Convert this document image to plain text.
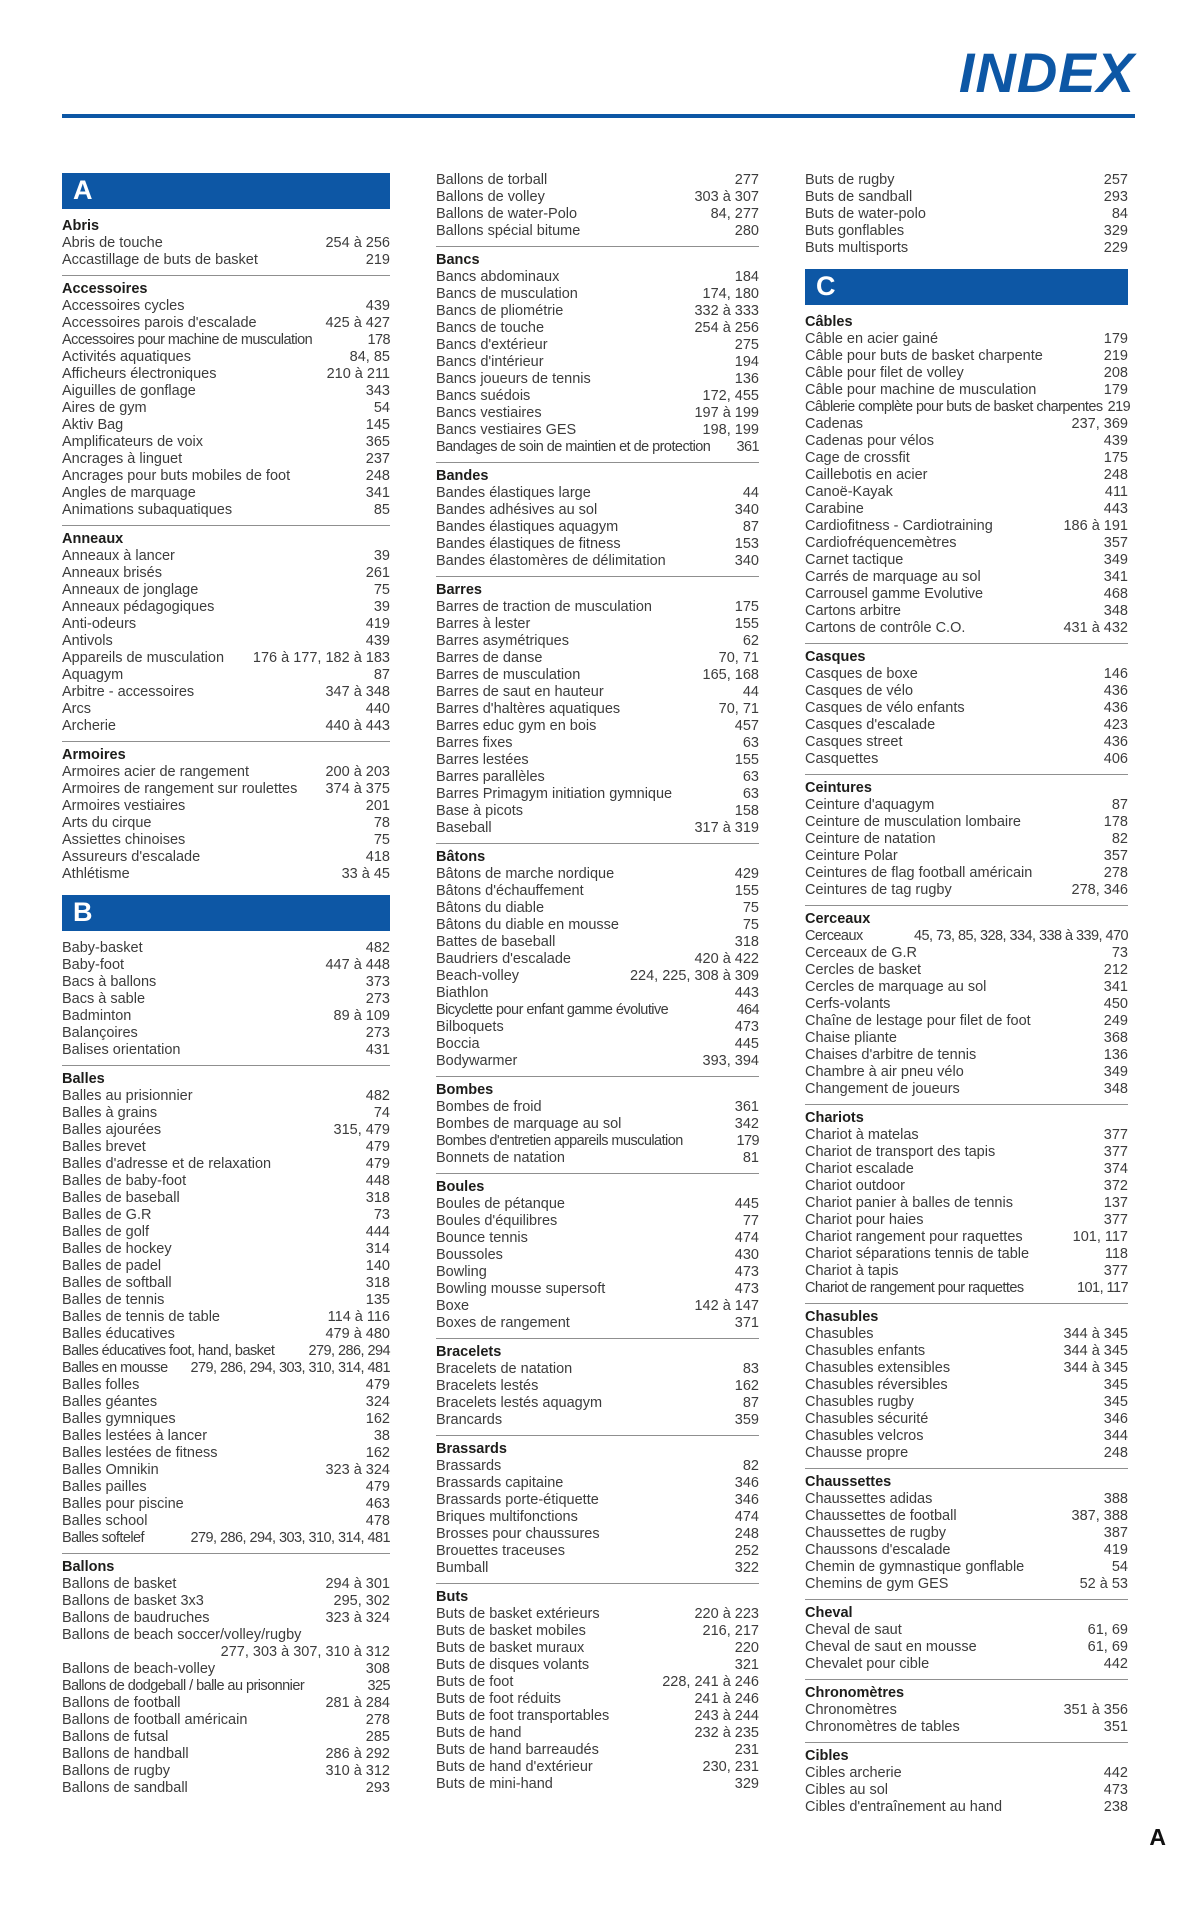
INDEX
A
Abris
Abris de touche	254 à 256
Accastillage de buts de basket	219
Accessoires
Accessoires cycles	439
Accessoires parois d'escalade	425 à 427
Accessoires pour machine de musculation	178
Activités aquatiques	84, 85
Afficheurs électroniques	210 à 211
Aiguilles de gonflage	343
Aires de gym	54
Aktiv Bag	145
Amplificateurs de voix	365
Ancrages à linguet	237
Ancrages pour buts mobiles de foot	248
Angles de marquage	341
Animations subaquatiques	85
Anneaux
Anneaux à lancer	39
Anneaux brisés	261
Anneaux de jonglage	75
Anneaux pédagogiques	39
Anti-odeurs	419
Antivols	439
Appareils de musculation 176 à 177, 182 à 183
Aquagym	87
Arbitre - accessoires	347 à 348
Arcs	440
Archerie	440 à 443
Armoires
Armoires acier de rangement	200 à 203
Armoires de rangement sur roulettes 374 à 375
Armoires vestiaires	201
Arts du cirque	78
Assiettes chinoises	75
Assureurs d'escalade	418
Athlétisme	33 à 45
B
Baby-basket	482
Baby-foot	447 à 448
Bacs à ballons	373
Bacs à sable	273
Badminton	89 à 109
Balançoires	273
Balises orientation	431
Balles
Balles au prisionnier	482
Balles à grains	74
Balles ajourées	315, 479
Balles brevet	479
Balles d'adresse et de relaxation	479
Balles de baby-foot	448
Balles de baseball	318
Balles de G.R	73
Balles de golf	444
Balles de hockey	314
Balles de padel	140
Balles de softball	318
Balles de tennis	135
Balles de tennis de table	114 à 116
Balles éducatives	479 à 480
Balles éducatives foot, hand, basket 279, 286, 294
Balles en mousse 279, 286, 294, 303, 310, 314, 481
Balles folles	479
Balles géantes	324
Balles gymniques	162
Balles lestées à lancer	38
Balles lestées de fitness	162
Balles Omnikin	323 à 324
Balles pailles	479
Balles pour piscine	463
Balles school	478
Balles softelef	279, 286, 294, 303, 310, 314, 481
Ballons
Ballons de basket	294 à 301
Ballons de basket 3x3	295, 302
Ballons de baudruches	323 à 324
Ballons de beach soccer/volley/rugby
277, 303 à 307, 310 à 312
Ballons de beach-volley	308
Ballons de dodgeball / balle au prisonnier	325
Ballons de football	281 à 284
Ballons de football américain	278
Ballons de futsal	285
Ballons de handball	286 à 292
Ballons de rugby	310 à 312
Ballons de sandball	293
Ballons de torball	277
Ballons de volley	303 à 307
Ballons de water-Polo	84, 277
Ballons spécial bitume	280
Bancs
Bancs abdominaux	184
Bancs de musculation	174, 180
Bancs de pliométrie	332 à 333
Bancs de touche	254 à 256
Bancs d'extérieur	275
Bancs d'intérieur	194
Bancs joueurs de tennis	136
Bancs suédois	172, 455
Bancs vestiaires	197 à 199
Bancs vestiaires GES	198, 199
Bandages de soin de maintien et de protection 361
Bandes
Bandes élastiques large	44
Bandes adhésives au sol	340
Bandes élastiques aquagym	87
Bandes élastiques de fitness	153
Bandes élastomères de délimitation	340
Barres
Barres de traction de musculation	175
Barres à lester	155
Barres asymétriques	62
Barres de danse	70, 71
Barres de musculation	165, 168
Barres de saut en hauteur	44
Barres d'haltères aquatiques	70, 71
Barres educ gym en bois	457
Barres fixes	63
Barres lestées	155
Barres parallèles	63
Barres Primagym initiation gymnique	63
Base à picots	158
Baseball	317 à 319
Bâtons
Bâtons de marche nordique	429
Bâtons d'échauffement	155
Bâtons du diable	75
Bâtons du diable en mousse	75
Battes de baseball	318
Baudriers d'escalade	420 à 422
Beach-volley	224, 225, 308 à 309
Biathlon	443
Bicyclette pour enfant gamme évolutive	464
Bilboquets	473
Boccia	445
Bodywarmer	393, 394
Bombes
Bombes de froid	361
Bombes de marquage au sol	342
Bombes d'entretien appareils musculation	179
Bonnets de natation	81
Boules
Boules de pétanque	445
Boules d'équilibres	77
Bounce tennis	474
Boussoles	430
Bowling	473
Bowling mousse supersoft	473
Boxe	142 à 147
Boxes de rangement	371
Bracelets
Bracelets de natation	83
Bracelets lestés	162
Bracelets lestés aquagym	87
Brancards	359
Brassards
Brassards	82
Brassards capitaine	346
Brassards porte-étiquette	346
Briques multifonctions	474
Brosses pour chaussures	248
Brouettes traceuses	252
Bumball	322
Buts
Buts de basket extérieurs	220 à 223
Buts de basket mobiles	216, 217
Buts de basket muraux	220
Buts de disques volants	321
Buts de foot	228, 241 à 246
Buts de foot réduits	241 à 246
Buts de foot transportables	243 à 244
Buts de hand	232 à 235
Buts de hand barreaudés	231
Buts de hand d'extérieur	230, 231
Buts de mini-hand	329
Buts de rugby	257
Buts de sandball	293
Buts de water-polo	84
Buts gonflables	329
Buts multisports	229
C
Câbles
Câble en acier gainé	179
Câble pour buts de basket charpente	219
Câble pour filet de volley	208
Câble pour machine de musculation	179
Câblerie complète pour buts de basket charpentes 219
Cadenas	237, 369
Cadenas pour vélos	439
Cage de crossfit	175
Caillebotis en acier	248
Canoë-Kayak	411
Carabine	443
Cardiofitness - Cardiotraining	186 à 191
Cardiofréquencemètres	357
Carnet tactique	349
Carrés de marquage au sol	341
Carrousel gamme Evolutive	468
Cartons arbitre	348
Cartons de contrôle C.O.	431 à 432
Casques
Casques de boxe	146
Casques de vélo	436
Casques de vélo enfants	436
Casques d'escalade	423
Casques street	436
Casquettes	406
Ceintures
Ceinture d'aquagym	87
Ceinture de musculation lombaire	178
Ceinture de natation	82
Ceinture Polar	357
Ceintures de flag football américain	278
Ceintures de tag rugby	278, 346
Cerceaux
Cerceaux	45, 73, 85, 328, 334, 338 à 339, 470
Cerceaux de G.R	73
Cercles de basket	212
Cercles de marquage au sol	341
Cerfs-volants	450
Chaîne de lestage pour filet de foot	249
Chaise pliante	368
Chaises d'arbitre de tennis	136
Chambre à air pneu vélo	349
Changement de joueurs	348
Chariots
Chariot à matelas	377
Chariot de transport des tapis	377
Chariot escalade	374
Chariot outdoor	372
Chariot panier à balles de tennis	137
Chariot pour haies	377
Chariot rangement pour raquettes	101, 117
Chariot séparations tennis de table	118
Chariot à tapis	377
Chariot de rangement pour raquettes	101, 117
Chasubles
Chasubles	344 à 345
Chasubles enfants	344 à 345
Chasubles extensibles	344 à 345
Chasubles réversibles	345
Chasubles rugby	345
Chasubles sécurité	346
Chasubles velcros	344
Chausse propre	248
Chaussettes
Chaussettes adidas	388
Chaussettes de football	387, 388
Chaussettes de rugby	387
Chaussons d'escalade	419
Chemin de gymnastique gonflable	54
Chemins de gym GES	52 à 53
Cheval
Cheval de saut	61, 69
Cheval de saut en mousse	61, 69
Chevalet pour cible	442
Chronomètres
Chronomètres	351 à 356
Chronomètres de tables	351
Cibles
Cibles archerie	442
Cibles au sol	473
Cibles d'entraînement au hand	238
A
